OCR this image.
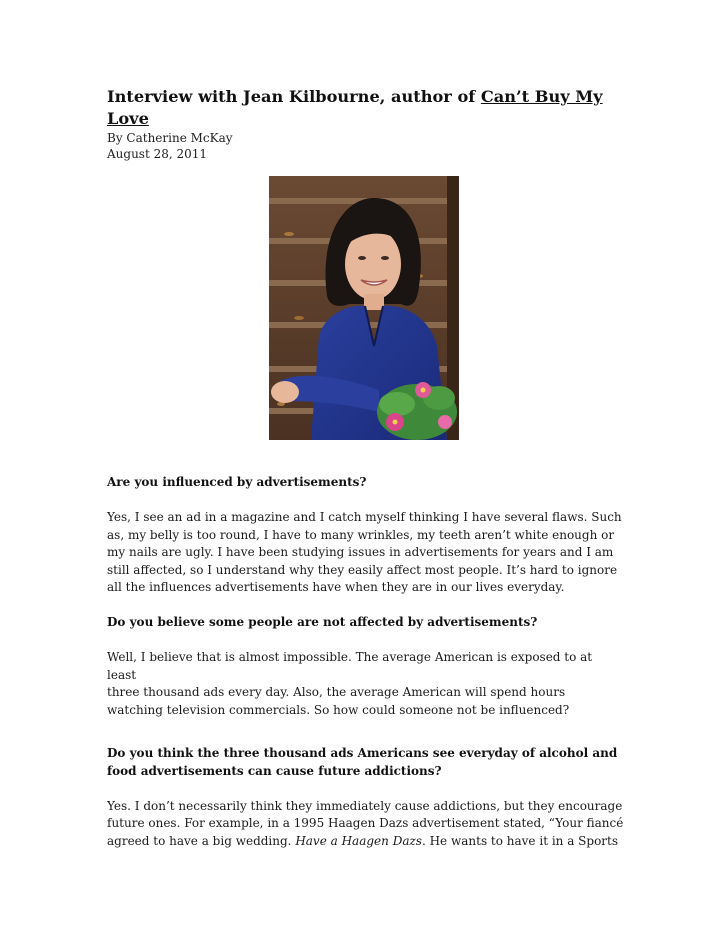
Interview with Jean Kilbourne, author of Can’t Buy My Love

By Catherine McKay

August 28, 2011

Are you influenced by advertisements?

Yes, I see an ad in a magazine and I catch myself thinking I have several flaws. Such

as, my belly is too round, I have to many wrinkles, my teeth aren’t white enough or

my nails are ugly. I have been studying issues in advertisements for years and I am

still affected, so I understand why they easily affect most people. It’s hard to ignore

all the influences advertisements have when they are in our lives everyday.

Do you believe some people are not affected by advertisements?

Well, I believe that is almost impossible. The average American is exposed to at least

three thousand ads every day. Also, the average American will spend hours

watching television commercials. So how could someone not be influenced?

Do you think the three thousand ads Americans see everyday of alcohol and

food advertisements can cause future addictions?

Yes. I don’t necessarily think they immediately cause addictions, but they encourage

future ones. For example, in a 1995 Haagen Dazs advertisement stated, “Your fiancé

agreed to have a big wedding. Have a Haagen Dazs. He wants to have it in a Sports
